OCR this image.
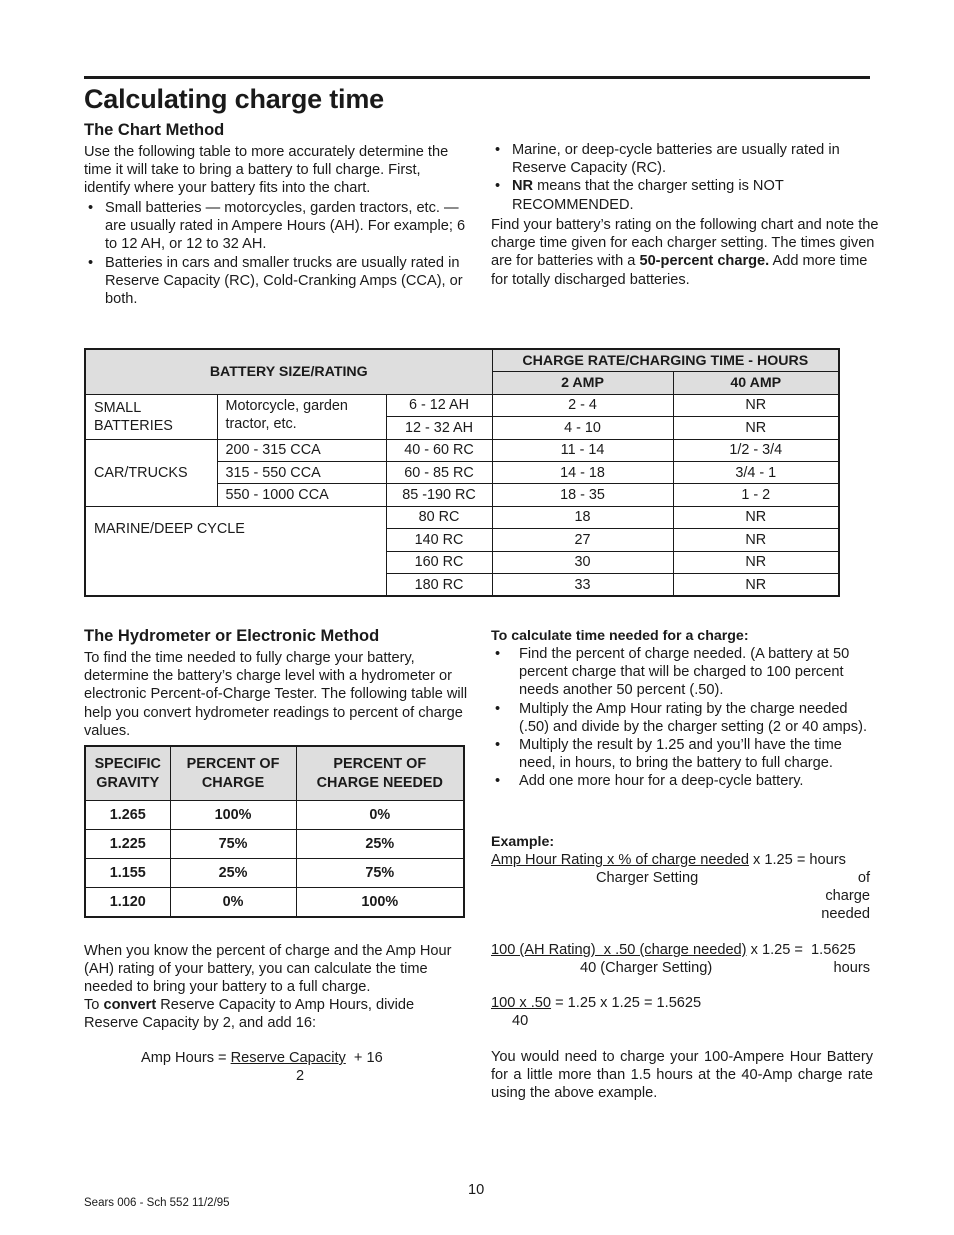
Calculating charge time
The Chart Method

Use the following table to more accurately determine the time it will take to bring a battery to full charge. First, identify where your battery fits into the chart.

• Small batteries — motorcycles, garden tractors, etc. — are usually rated in Ampere Hours (AH). For example; 6 to 12 AH, or 12 to 32 AH.
• Batteries in cars and smaller trucks are usually rated in Reserve Capacity (RC), Cold-Cranking Amps (CCA), or both.
• Marine, or deep-cycle batteries are usually rated in Reserve Capacity (RC).
• NR means that the charger setting is NOT RECOMMENDED.

Find your battery’s rating on the following chart and note the charge time given for each charger setting. The times given are for batteries with a 50-percent charge. Add more time for totally discharged batteries.

BATTERY SIZE/RATING			CHARGE RATE/CHARGING TIME - HOURS	
			2 AMP	40 AMP
SMALL BATTERIES	Motorcycle, garden tractor, etc.	6 - 12 AH	2 - 4	NR
		12 - 32 AH	4 - 10	NR
CAR/TRUCKS	200 - 315 CCA	40 - 60 RC	11 - 14	1/2 - 3/4
	315 - 550 CCA	60 - 85 RC	14 - 18	3/4 - 1
	550 - 1000 CCA	85 -190 RC	18 - 35	1 - 2
MARINE/DEEP CYCLE		80 RC	18	NR
		140 RC	27	NR
		160 RC	30	NR
		180 RC	33	NR
The Hydrometer or Electronic Method

To find the time needed to fully charge your battery, determine the battery’s charge level with a hydrometer or electronic Percent-of-Charge Tester. The following table will help you convert hydrometer readings to percent of charge values.

SPECIFIC GRAVITY	PERCENT OF CHARGE	PERCENT OF CHARGE NEEDED
1.265	100%	0%
1.225	75%	25%
1.155	25%	75%
1.120	0%	100%

When you know the percent of charge and the Amp Hour (AH) rating of your battery, you can calculate the time needed to bring your battery to a full charge.

To convert Reserve Capacity to Amp Hours, divide Reserve Capacity by 2, and add 16:

Amp Hours = Reserve Capacity  + 16
2
To calculate time needed for a charge:
• Find the percent of charge needed. (A battery at 50 percent charge that will be charged to 100 percent needs another 50 percent (.50).
• Multiply the Amp Hour rating by the charge needed (.50) and divide by the charger setting (2 or 40 amps).
• Multiply the result by 1.25 and you’ll have the time need, in hours, to bring the battery to full charge.
• Add one more hour for a deep-cycle battery.
Example:
Amp Hour Rating x % of charge needed x 1.25 = hours
Charger Setting	of
charge
needed
100 (AH Rating)  x .50 (charge needed) x 1.25 =  1.5625
40 (Charger Setting)	hours
100 x .50 = 1.25 x 1.25 = 1.5625
40

You would need to charge your 100-Ampere Hour Battery for a little more than 1.5 hours at the 40-Amp charge rate using the above example.

10
Sears 006 - Sch 552 11/2/95
